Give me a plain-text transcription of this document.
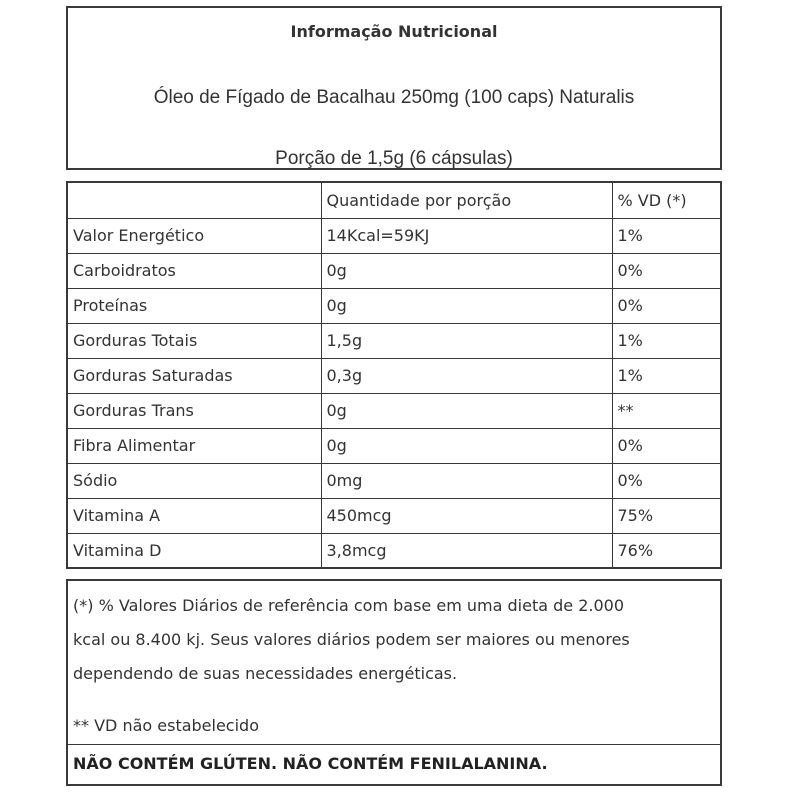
Informação Nutricional
Óleo de Fígado de Bacalhau 250mg (100 caps) Naturalis
Porção de 1,5g (6 cápsulas)
	Quantidade por porção	% VD (*)
Valor Energético	14Kcal=59KJ	1%
Carboidratos	0g	0%
Proteínas	0g	0%
Gorduras Totais	1,5g	1%
Gorduras Saturadas	0,3g	1%
Gorduras Trans	0g	**
Fibra Alimentar	0g	0%
Sódio	0mg	0%
Vitamina A	450mcg	75%
Vitamina D	3,8mcg	76%
(*) % Valores Diários de referência com base em uma dieta de 2.000
kcal ou 8.400 kj. Seus valores diários podem ser maiores ou menores
dependendo de suas necessidades energéticas.
** VD não estabelecido
NÃO CONTÉM GLÚTEN. NÃO CONTÉM FENILALANINA.
